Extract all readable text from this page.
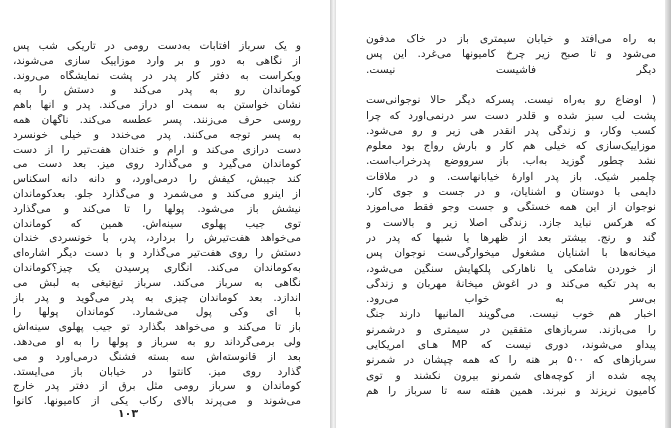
و یک سرباز آفتابات به‌دست رومی در تاریکی شب پس
از نگاهی به دور و بر وارد موزاییک سازی می‌شوند،
ویکراست به دفتر کار پدر در پشت نمایشگاه می‌روند.
کوماندان رو به پدر می‌کند و دستش را به
نشان خواستن به سمت او دراز می‌کند. پدر و آنها باهم
روسی حرف می‌زنند. پسر عطسه می‌کند. ناگهان همه
به پسر توجه می‌کنند. پدر می‌خندد و خیلی خونسرد
دست درازی می‌کند و آرام و خندان هفت‌تیر را از دست
کوماندان می‌گیرد و می‌گذارد روی میز. بعد دست می
کند جیبش، کیفش را درمی‌آورد، و دانه دانه اسکناس
از اینرو می‌کند و می‌شمرد و می‌گذارد جلو. بعدکوماندان
نیشش باز می‌شود. پولها را تا می‌کند و می‌گذارد
توی جیب پهلوی سینه‌اش. همین که کوماندان
می‌خواهد هفت‌تیرش را بردارد، پدر، با خونسردی خندان
دستش را روی هفت‌تیر می‌گذارد و با دست دیگر اشاره‌ای
به‌کوماندان می‌کند. انگاری پرسیدن یک چیز؟کوماندان
نگاهی به سرباز می‌کند. سرباز تیغ‌تیغی به لبش می
اندازد. بعد کوماندان چیزی به پدر می‌گوید و پدر باز
با ای وکی پول می‌شمارد. کوماندان پولها را
باز تا می‌کند و می‌خواهد بگذارد تو جیب پهلوی سینه‌اش
ولی برمی‌گرداند رو به سرباز و پولها را به او می‌دهد.
بعد از قانوسته‌اش سه بسته فشنگ درمی‌آورد و می
گذارد روی میز. کانتوا در خیابان باز می‌ایستد.
کوماندان و سرباز رومی مثل برق از دفتر پدر خارج
می‌شوند و می‌پرند بالای رکاب یکی از کامیونها. کانوا
۱۰۳
به راه می‌افتد و خیابان سیمتری باز در خاک مدفون
می‌شود و تا صبح زیر چرخ کامیونها می‌غرد. این پس
دیگر فاشیست نیست.
( اوضاع رو به‌راه نیست. پسرکه دیگر حالا نوجوانی‌ست
پشت لب سبز شده و قلدر دست سر درنمی‌آورد که چرا
کسب وکار، و زندگی پدر انقدر هی زیر و رو می‌شود.
موزاییک‌سازی که خیلی هم کار و بارش رواج بود معلوم
نشد چطور گوزید به‌آب. باز سرووضع پدرخراب‌است.
چلمبر شیک. باز پدر آوارهٔ خیابانهاست. و در ملاقات
دایمی با دوستان و آشنایان، و در جست و جوی کار.
نوجوان از این همه خستگی و جست وجو فقط می‌آموزد
که هرکس نباید جازد. زندگی اصلا زیر و بالاست و
گند و رنج. بیشتر بعد از ظهرها یا شبها که پدر در
میخانه‌ها با آشنایان مشغول میخوارگی‌ست نوجوان پس
از خوردن شامکی یا ناهارکی پلکهایش سنگین می‌شود،
به پدر تکیه می‌کند و در آغوش میخانهٔ مهربان و زندگی
بی‌سر به خواب می‌رود.
اخبار هم خوب نیست. می‌گویند آلمانیها دارند جنگ
را می‌بازند. سربازهای متفقین در سیمتری و درشمرنو
پیداو می‌شوند، دوری نیست که MP هـای آمریکایی
سربازهای که ۵۰۰ بر هنه را که همه چپشان در شمرنو
پچه شده از کوچه‌های شمرنو بیرون نکشند و توی
کامیون نریزند و نبرند. همین هفته سه تا سرباز را هم
